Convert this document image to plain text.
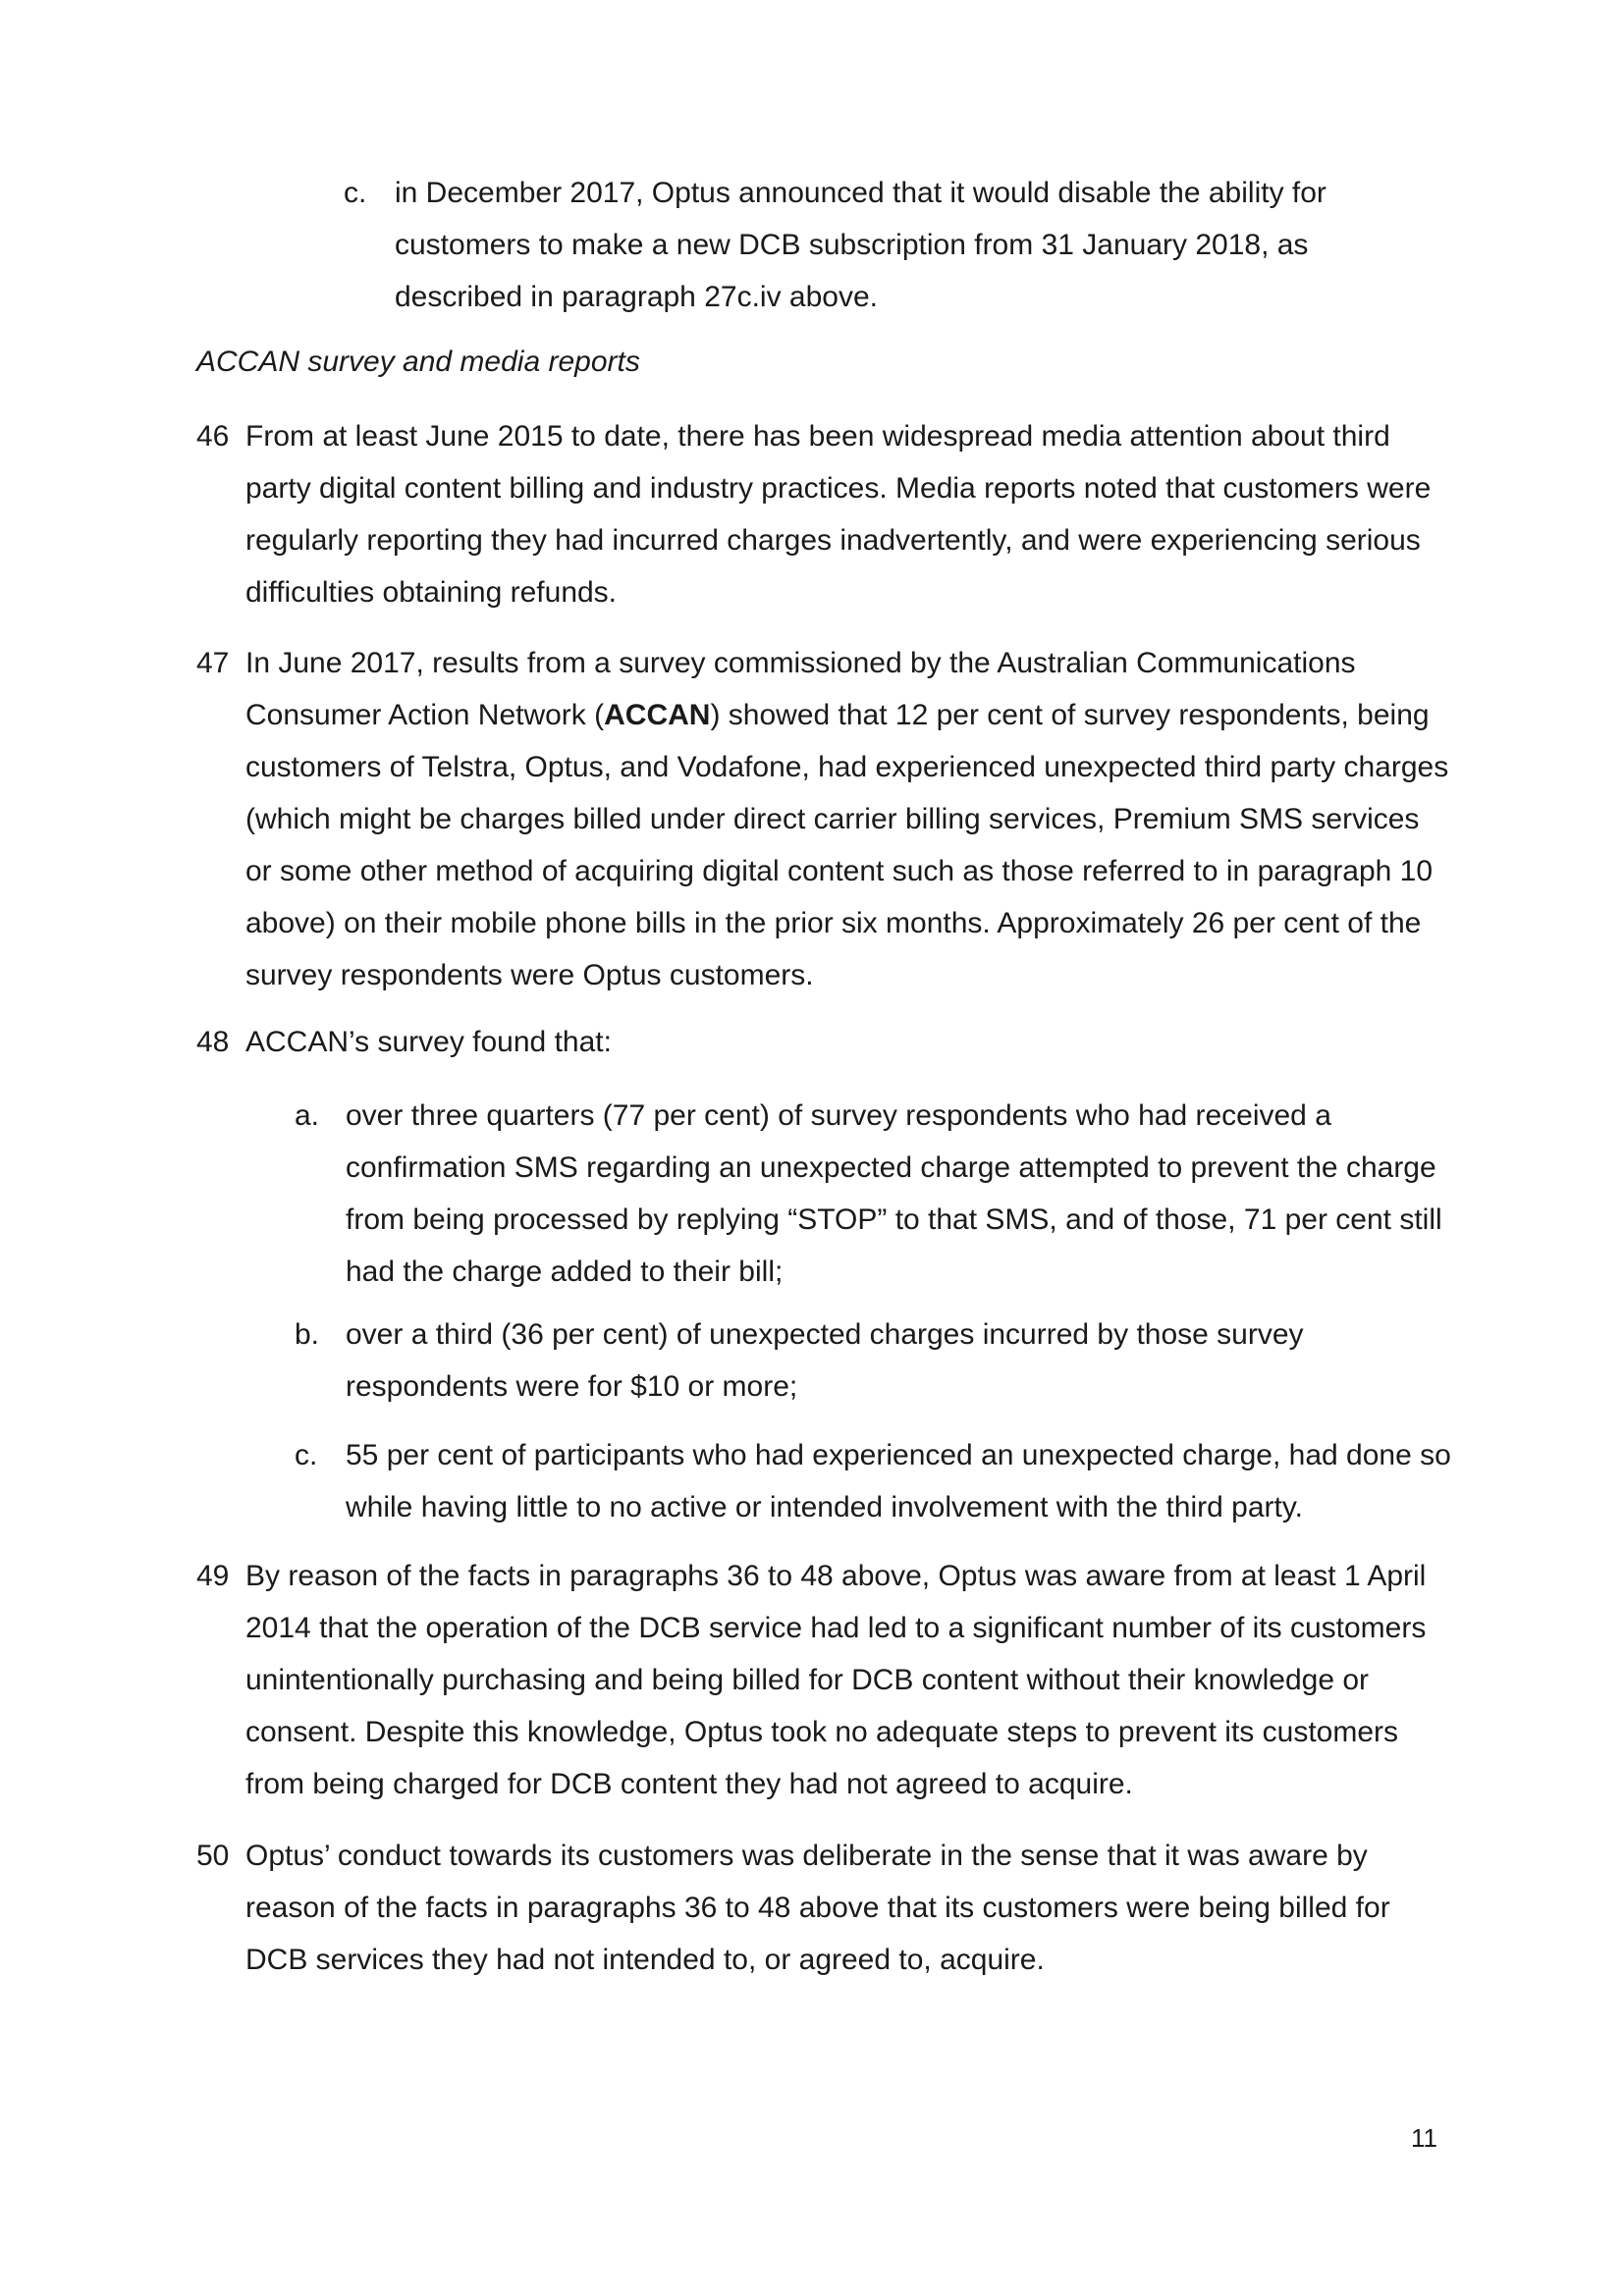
c. in December 2017, Optus announced that it would disable the ability for customers to make a new DCB subscription from 31 January 2018, as described in paragraph 27c.iv above.
ACCAN survey and media reports
46 From at least June 2015 to date, there has been widespread media attention about third party digital content billing and industry practices. Media reports noted that customers were regularly reporting they had incurred charges inadvertently, and were experiencing serious difficulties obtaining refunds.
47 In June 2017, results from a survey commissioned by the Australian Communications Consumer Action Network (ACCAN) showed that 12 per cent of survey respondents, being customers of Telstra, Optus, and Vodafone, had experienced unexpected third party charges (which might be charges billed under direct carrier billing services, Premium SMS services or some other method of acquiring digital content such as those referred to in paragraph 10 above) on their mobile phone bills in the prior six months. Approximately 26 per cent of the survey respondents were Optus customers.
48 ACCAN’s survey found that:
a. over three quarters (77 per cent) of survey respondents who had received a confirmation SMS regarding an unexpected charge attempted to prevent the charge from being processed by replying “STOP” to that SMS, and of those, 71 per cent still had the charge added to their bill;
b. over a third (36 per cent) of unexpected charges incurred by those survey respondents were for $10 or more;
c. 55 per cent of participants who had experienced an unexpected charge, had done so while having little to no active or intended involvement with the third party.
49 By reason of the facts in paragraphs 36 to 48 above, Optus was aware from at least 1 April 2014 that the operation of the DCB service had led to a significant number of its customers unintentionally purchasing and being billed for DCB content without their knowledge or consent. Despite this knowledge, Optus took no adequate steps to prevent its customers from being charged for DCB content they had not agreed to acquire.
50 Optus’ conduct towards its customers was deliberate in the sense that it was aware by reason of the facts in paragraphs 36 to 48 above that its customers were being billed for DCB services they had not intended to, or agreed to, acquire.
11
